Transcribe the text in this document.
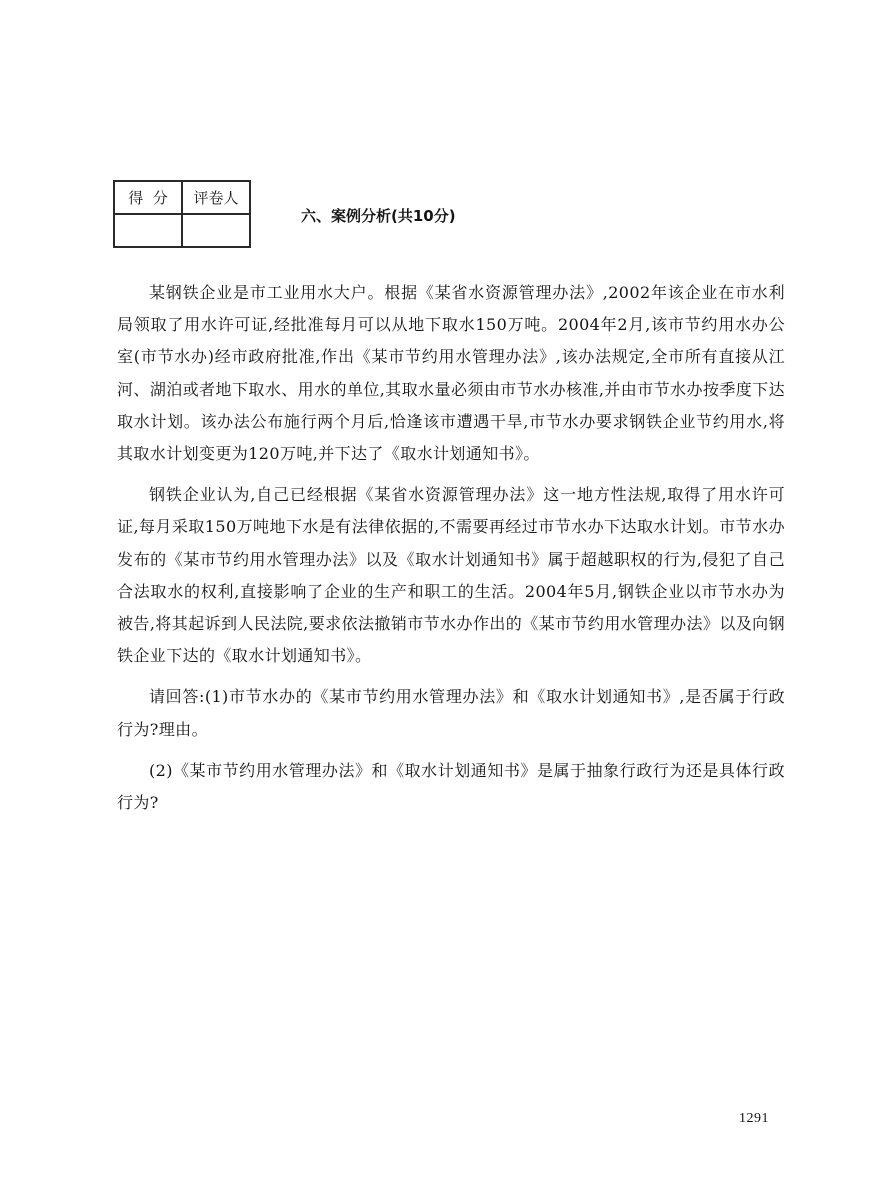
得  分	评卷人

六、案例分析(共10分)

某钢铁企业是市工业用水大户。根据《某省水资源管理办法》,2002年该企业在市水利局领取了用水许可证,经批准每月可以从地下取水150万吨。2004年2月,该市节约用水办公室(市节水办)经市政府批准,作出《某市节约用水管理办法》,该办法规定,全市所有直接从江河、湖泊或者地下取水、用水的单位,其取水量必须由市节水办核准,并由市节水办按季度下达取水计划。该办法公布施行两个月后,恰逢该市遭遇干旱,市节水办要求钢铁企业节约用水,将其取水计划变更为120万吨,并下达了《取水计划通知书》。

钢铁企业认为,自己已经根据《某省水资源管理办法》这一地方性法规,取得了用水许可证,每月采取150万吨地下水是有法律依据的,不需要再经过市节水办下达取水计划。市节水办发布的《某市节约用水管理办法》以及《取水计划通知书》属于超越职权的行为,侵犯了自己合法取水的权利,直接影响了企业的生产和职工的生活。2004年5月,钢铁企业以市节水办为被告,将其起诉到人民法院,要求依法撤销市节水办作出的《某市节约用水管理办法》以及向钢铁企业下达的《取水计划通知书》。

请回答:(1)市节水办的《某市节约用水管理办法》和《取水计划通知书》,是否属于行政行为?理由。

(2)《某市节约用水管理办法》和《取水计划通知书》是属于抽象行政行为还是具体行政行为?

1291
